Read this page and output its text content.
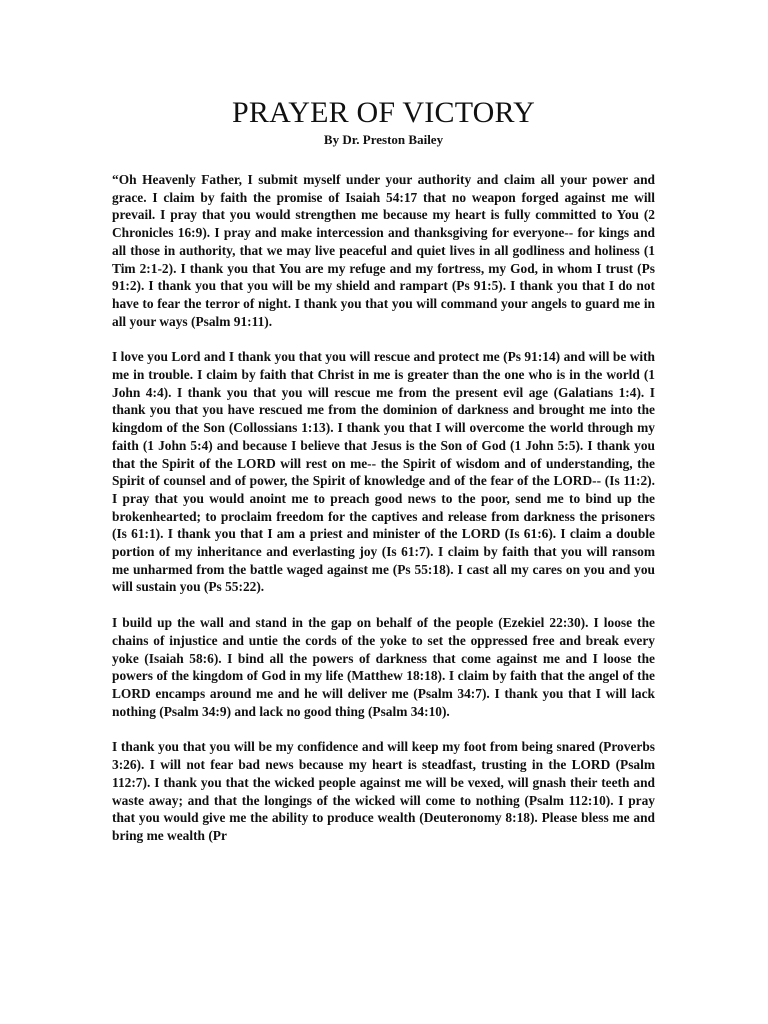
PRAYER OF VICTORY
By Dr. Preston Bailey

“Oh Heavenly Father, I submit myself under your authority and claim all your power and grace. I claim by faith the promise of Isaiah 54:17 that no weapon forged against me will prevail. I pray that you would strengthen me because my heart is fully committed to You (2 Chronicles 16:9). I pray and make intercession and thanksgiving for everyone-- for kings and all those in authority, that we may live peaceful and quiet lives in all godliness and holiness (1 Tim 2:1-2). I thank you that You are my refuge and my fortress, my God, in whom I trust (Ps 91:2). I thank you that you will be my shield and rampart (Ps 91:5). I thank you that I do not have to fear the terror of night. I thank you that you will command your angels to guard me in all your ways (Psalm 91:11).

I love you Lord and I thank you that you will rescue and protect me (Ps 91:14) and will be with me in trouble. I claim by faith that Christ in me is greater than the one who is in the world (1 John 4:4). I thank you that you will rescue me from the present evil age (Galatians 1:4). I thank you that you have rescued me from the dominion of darkness and brought me into the kingdom of the Son (Collossians 1:13). I thank you that I will overcome the world through my faith (1 John 5:4) and because I believe that Jesus is the Son of God (1 John 5:5). I thank you that the Spirit of the LORD will rest on me-- the Spirit of wisdom and of understanding, the Spirit of counsel and of power, the Spirit of knowledge and of the fear of the LORD-- (Is 11:2). I pray that you would anoint me to preach good news to the poor, send me to bind up the brokenhearted; to proclaim freedom for the captives and release from darkness the prisoners (Is 61:1). I thank you that I am a priest and minister of the LORD (Is 61:6). I claim a double portion of my inheritance and everlasting joy (Is 61:7). I claim by faith that you will ransom me unharmed from the battle waged against me (Ps 55:18). I cast all my cares on you and you will sustain you (Ps 55:22).

I build up the wall and stand in the gap on behalf of the people (Ezekiel 22:30). I loose the chains of injustice and untie the cords of the yoke to set the oppressed free and break every yoke (Isaiah 58:6). I bind all the powers of darkness that come against me and I loose the powers of the kingdom of God in my life (Matthew 18:18). I claim by faith that the angel of the LORD encamps around me and he will deliver me (Psalm 34:7). I thank you that I will lack nothing (Psalm 34:9) and lack no good thing (Psalm 34:10).

I thank you that you will be my confidence and will keep my foot from being snared (Proverbs 3:26). I will not fear bad news because my heart is steadfast, trusting in the LORD (Psalm 112:7). I thank you that the wicked people against me will be vexed, will gnash their teeth and waste away; and that the longings of the wicked will come to nothing (Psalm 112:10). I pray that you would give me the ability to produce wealth (Deuteronomy 8:18). Please bless me and bring me wealth (Pr
